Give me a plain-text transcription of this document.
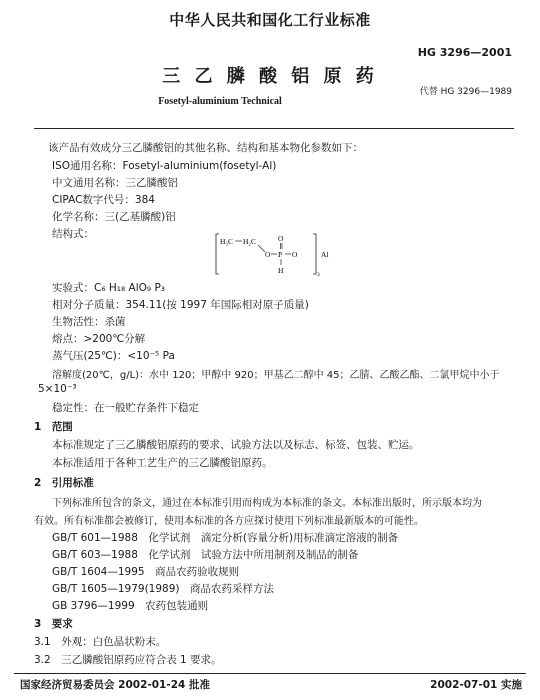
中华人民共和国化工行业标准
HG 3296—2001
三 乙 膦 酸 铝 原 药
代替 HG 3296—1989
Fosetyl-aluminium Technical
该产品有效成分三乙膦酸铝的其他名称、结构和基本物化参数如下：
ISO通用名称：Fosetyl-aluminium(fosetyl-Al)
中文通用名称：三乙膦酸铝
CIPAC数字代号：384
化学名称：三(乙基膦酸)铝
结构式：
H₃C H₂C
O P
O
H
O
3
Al
实验式：C₆ H₁₈ AlO₉ P₃
相对分子质量：354.11(按 1997 年国际相对原子质量)
生物活性：杀菌
熔点：>200℃分解
蒸气压(25℃)：<10⁻⁵ Pa
溶解度(20℃，g/L)：水中 120；甲醇中 920；甲基乙二醇中 45；乙腈、乙酸乙酯、二氯甲烷中小于
5×10⁻³
稳定性：在一般贮存条件下稳定
1　范围
本标准规定了三乙膦酸铝原药的要求、试验方法以及标志、标签、包装、贮运。
本标准适用于各种工艺生产的三乙膦酸铝原药。
2　引用标准
下列标准所包含的条文，通过在本标准引用而构成为本标准的条文。本标准出版时，所示版本均为
有效。所有标准都会被修订，使用本标准的各方应探讨使用下列标准最新版本的可能性。
GB/T 601—1988　化学试剂　滴定分析(容量分析)用标准滴定溶液的制备
GB/T 603—1988　化学试剂　试验方法中所用制剂及制品的制备
GB/T 1604—1995　商品农药验收规则
GB/T 1605—1979(1989)　商品农药采样方法
GB 3796—1999　农药包装通则
3　要求
3.1　外观：白色晶状粉末。
3.2　三乙膦酸铝原药应符合表 1 要求。
国家经济贸易委员会 2002-01-24 批准	2002-07-01 实施
